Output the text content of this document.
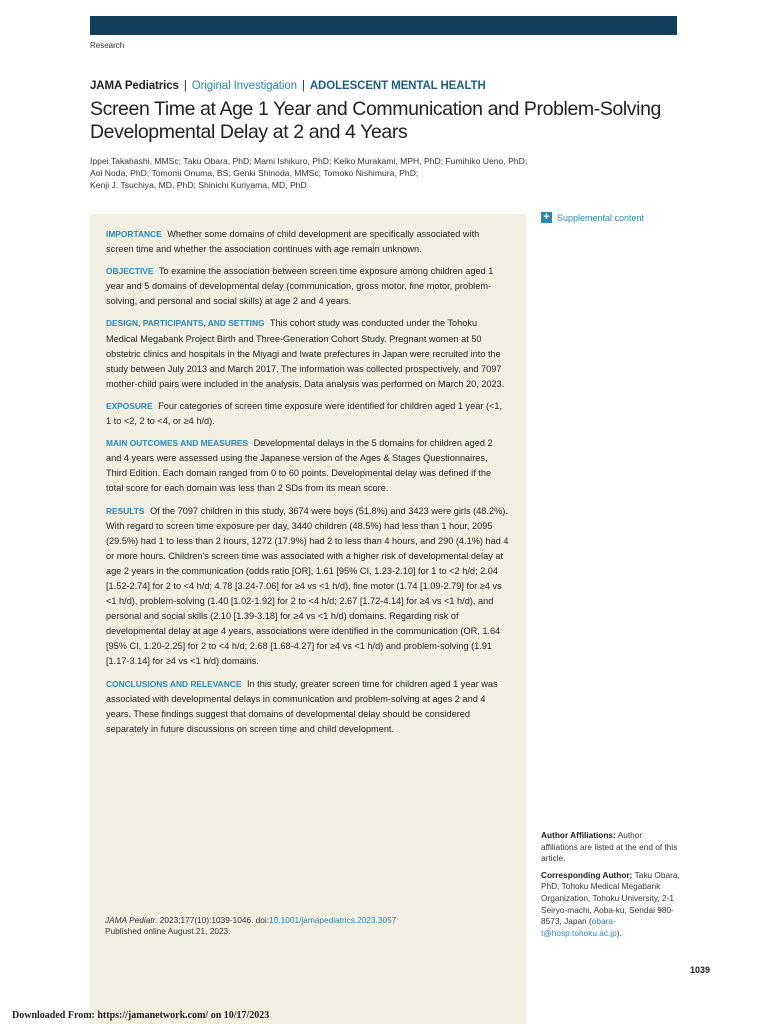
Research
JAMA Pediatrics | Original Investigation | ADOLESCENT MENTAL HEALTH
Screen Time at Age 1 Year and Communication and Problem-Solving
Developmental Delay at 2 and 4 Years
Ippei Takahashi, MMSc; Taku Obara, PhD; Mami Ishikuro, PhD; Keiko Murakami, MPH, PhD; Fumihiko Ueno, PhD;
Aoi Noda, PhD; Tomomi Onuma, BS; Genki Shinoda, MMSc; Tomoko Nishimura, PhD;
Kenji J. Tsuchiya, MD, PhD; Shinichi Kuriyama, MD, PhD

IMPORTANCE Whether some domains of child development are specifically associated with screen time and whether the association continues with age remain unknown.

OBJECTIVE To examine the association between screen time exposure among children aged 1 year and 5 domains of developmental delay (communication, gross motor, fine motor, problem-solving, and personal and social skills) at age 2 and 4 years.

DESIGN, PARTICIPANTS, AND SETTING This cohort study was conducted under the Tohoku Medical Megabank Project Birth and Three-Generation Cohort Study. Pregnant women at 50 obstetric clinics and hospitals in the Miyagi and Iwate prefectures in Japan were recruited into the study between July 2013 and March 2017. The information was collected prospectively, and 7097 mother-child pairs were included in the analysis. Data analysis was performed on March 20, 2023.

EXPOSURE Four categories of screen time exposure were identified for children aged 1 year (<1, 1 to <2, 2 to <4, or ≥4 h/d).

MAIN OUTCOMES AND MEASURES Developmental delays in the 5 domains for children aged 2 and 4 years were assessed using the Japanese version of the Ages & Stages Questionnaires, Third Edition. Each domain ranged from 0 to 60 points. Developmental delay was defined if the total score for each domain was less than 2 SDs from its mean score.

RESULTS Of the 7097 children in this study, 3674 were boys (51.8%) and 3423 were girls (48.2%). With regard to screen time exposure per day, 3440 children (48.5%) had less than 1 hour, 2095 (29.5%) had 1 to less than 2 hours, 1272 (17.9%) had 2 to less than 4 hours, and 290 (4.1%) had 4 or more hours. Children's screen time was associated with a higher risk of developmental delay at age 2 years in the communication (odds ratio [OR], 1.61 [95% CI, 1.23-2.10] for 1 to <2 h/d; 2.04 [1.52-2.74] for 2 to <4 h/d; 4.78 [3.24-7.06] for ≥4 vs <1 h/d), fine motor (1.74 [1.09-2.79] for ≥4 vs <1 h/d), problem-solving (1.40 [1.02-1.92] for 2 to <4 h/d; 2.67 [1.72-4.14] for ≥4 vs <1 h/d), and personal and social skills (2.10 [1.39-3.18] for ≥4 vs <1 h/d) domains. Regarding risk of developmental delay at age 4 years, associations were identified in the communication (OR, 1.64 [95% CI, 1.20-2.25] for 2 to <4 h/d; 2.68 [1.68-4.27] for ≥4 vs <1 h/d) and problem-solving (1.91 [1.17-3.14] for ≥4 vs <1 h/d) domains.

CONCLUSIONS AND RELEVANCE In this study, greater screen time for children aged 1 year was associated with developmental delays in communication and problem-solving at ages 2 and 4 years. These findings suggest that domains of developmental delay should be considered separately in future discussions on screen time and child development.

JAMA Pediatr. 2023;177(10):1039-1046. doi:10.1001/jamapediatrics.2023.3057
Published online August 21, 2023.
+ Supplemental content

Author Affiliations: Author affiliations are listed at the end of this article.

Corresponding Author: Taku Obara, PhD, Tohoku Medical Megabank Organization, Tohoku University, 2-1 Seiryo-machi, Aoba-ku, Sendai 980-8573, Japan (obara-t@hosp.tohoku.ac.jp).

1039
Downloaded From: https://jamanetwork.com/ on 10/17/2023
